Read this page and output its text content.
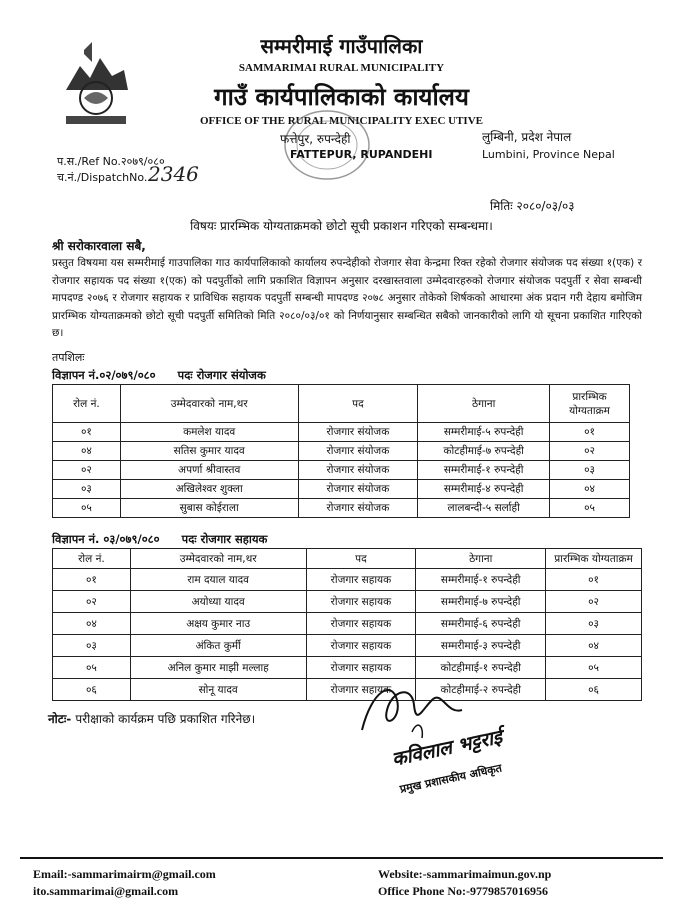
सम्मरीमाई गाउँपालिका
SAMMARIMAI RURAL MUNICIPALITY
गाउँ कार्यपालिकाको कार्यालय
OFFICE OF THE RURAL MUNICIPALITY EXEC UTIVE
फत्तेपुर, रुपन्देही	लुम्बिनी, प्रदेश नेपाल
FATTEPUR, RUPANDEHI	Lumbini, Province Nepal
प.स./Ref No.२०७९/०८०
च.नं./DispatchNo. 2346
मितिः २०८०/०३/०३
विषयः प्रारम्भिक योग्यताक्रमको छोटो सूची प्रकाशन गरिएको सम्बन्धमा।
श्री सरोकारवाला सबै,
प्रस्तुत विषयमा यस सम्मरीमाई गाउपालिका गाउ कार्यपालिकाको कार्यालय रुपन्देहीको रोजगार सेवा केन्द्रमा रिक्त रहेको रोजगार संयोजक पद संख्या १(एक) र रोजगार सहायक पद संख्या १(एक) को पदपुर्तीको लागि प्रकाशित विज्ञापन अनुसार दरखास्तवाला उम्मेदवारहरुको रोजगार संयोजक पदपुर्ती र सेवा सम्बन्धी मापदण्ड २०७६ र रोजगार सहायक र प्राविधिक सहायक पदपुर्ती सम्बन्धी मापदण्ड २०७८ अनुसार तोकेको शिर्षकको आधारमा अंक प्रदान गरी देहाय बमोजिम प्रारम्भिक योग्यताक्रमको छोटो सूची पदपुर्ती समितिको मिति २०८०/०३/०१ को निर्णयानुसार सम्बन्धित सबैको जानकारीको लागि यो सूचना प्रकाशित गारिएको छ।
तपशिलः
विज्ञापन नं.०२/०७९/०८० पदः रोजगार संयोजक
रोल नं.	उम्मेदवारको नाम,थर	पद	ठेगाना	प्रारम्भिक योग्यताक्रम
०१	कमलेश यादव	रोजगार संयोजक	सम्मरीमाई-५ रुपन्देही	०१
०४	सतिस कुमार यादव	रोजगार संयोजक	कोटहीमाई-७ रुपन्देही	०२
०२	अपर्णा श्रीवास्तव	रोजगार संयोजक	सम्मरीमाई-१ रुपन्देही	०३
०३	अखिलेश्वर शुक्ला	रोजगार संयोजक	सम्मरीमाई-४ रुपन्देही	०४
०५	सुबास कोईराला	रोजगार संयोजक	लालबन्दी-५ सर्लाही	०५
विज्ञापन नं. ०३/०७९/०८० पदः रोजगार सहायक
रोल नं.	उम्मेदवारको नाम,थर	पद	ठेगाना	प्रारम्भिक योग्यताक्रम
०१	राम दयाल यादव	रोजगार सहायक	सम्मरीमाई-१ रुपन्देही	०१
०२	अयोध्या यादव	रोजगार सहायक	सम्मरीमाई-७ रुपन्देही	०२
०४	अक्षय कुमार नाउ	रोजगार सहायक	सम्मरीमाई-६ रुपन्देही	०३
०३	अंकित कुर्मी	रोजगार सहायक	सम्मरीमाई-३ रुपन्देही	०४
०५	अनिल कुमार माझी मल्लाह	रोजगार सहायक	कोटहीमाई-१ रुपन्देही	०५
०६	सोनू यादव	रोजगार सहायक	कोटहीमाई-२ रुपन्देही	०६
नोटः- परीक्षाको कार्यक्रम पछि प्रकाशित गरिनेछ।
कविलाल भट्टराई
प्रमुख प्रशासकीय अधिकृत
Email:-sammarimairm@gmail.com
ito.sammarimai@gmail.com
Website:-sammarimaimun.gov.np
Office Phone No:-9779857016956
